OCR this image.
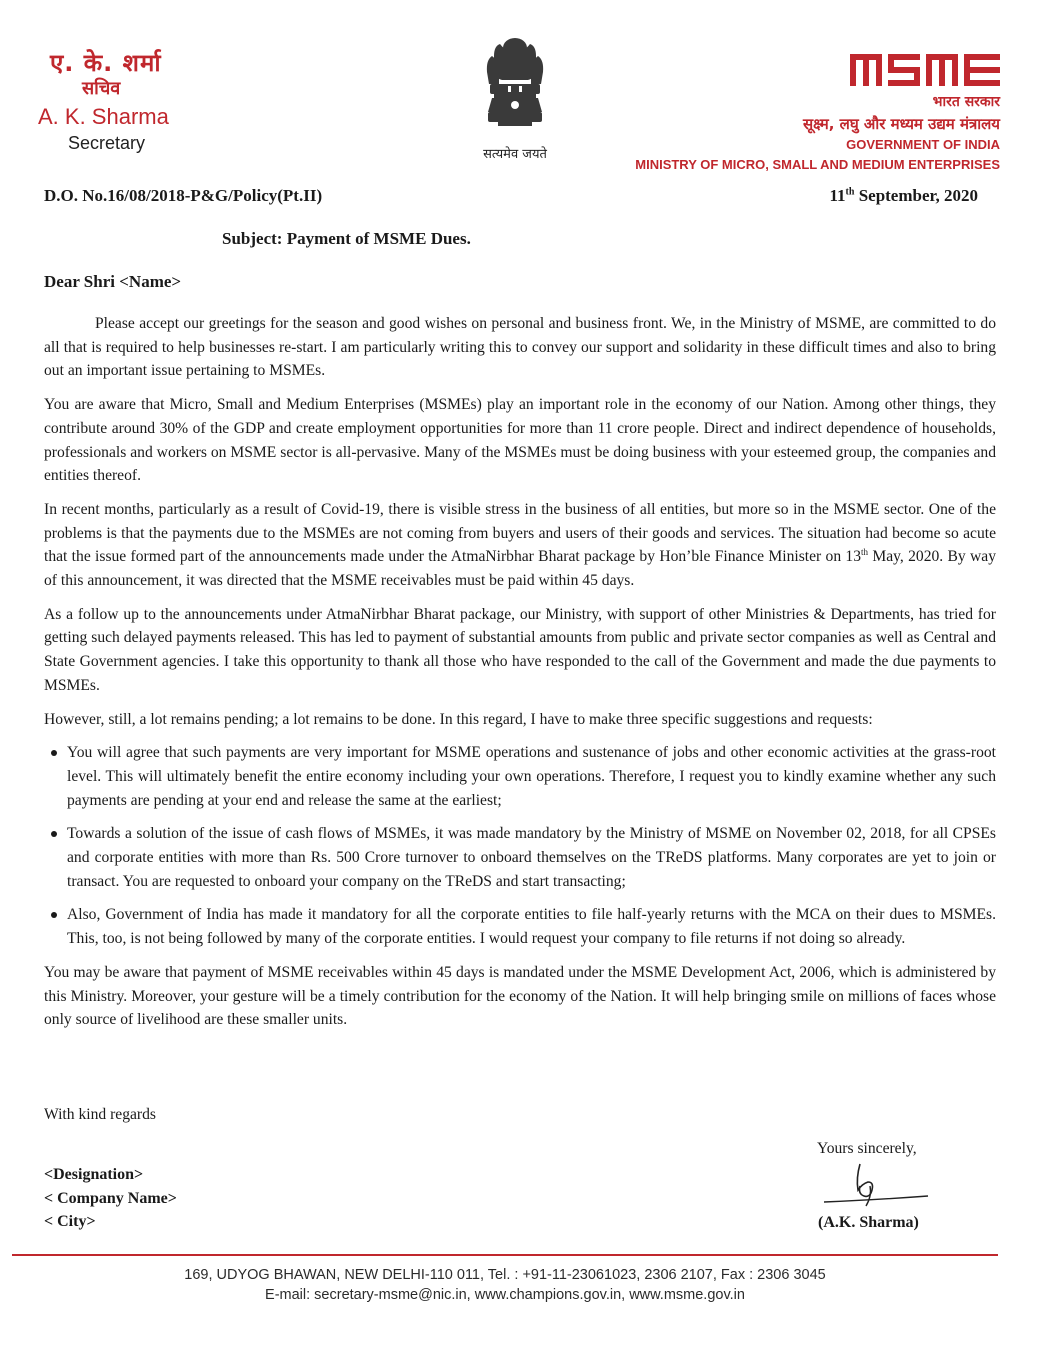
ए. के. शर्मा
सचिव
A. K. Sharma
Secretary
सत्यमेव जयते
भारत सरकार
सूक्ष्म, लघु और मध्यम उद्यम मंत्रालय
GOVERNMENT OF INDIA
MINISTRY OF MICRO, SMALL AND MEDIUM ENTERPRISES
D.O. No.16/08/2018-P&G/Policy(Pt.II)	11th September, 2020
Subject: Payment of MSME Dues.
Dear Shri <Name>

Please accept our greetings for the season and good wishes on personal and business front. We, in the Ministry of MSME, are committed to do all that is required to help businesses re-start. I am particularly writing this to convey our support and solidarity in these difficult times and also to bring out an important issue pertaining to MSMEs.

You are aware that Micro, Small and Medium Enterprises (MSMEs) play an important role in the economy of our Nation. Among other things, they contribute around 30% of the GDP and create employment opportunities for more than 11 crore people. Direct and indirect dependence of households, professionals and workers on MSME sector is all-pervasive. Many of the MSMEs must be doing business with your esteemed group, the companies and entities thereof.

In recent months, particularly as a result of Covid-19, there is visible stress in the business of all entities, but more so in the MSME sector. One of the problems is that the payments due to the MSMEs are not coming from buyers and users of their goods and services. The situation had become so acute that the issue formed part of the announcements made under the AtmaNirbhar Bharat package by Hon’ble Finance Minister on 13th May, 2020. By way of this announcement, it was directed that the MSME receivables must be paid within 45 days.

As a follow up to the announcements under AtmaNirbhar Bharat package, our Ministry, with support of other Ministries & Departments, has tried for getting such delayed payments released. This has led to payment of substantial amounts from public and private sector companies as well as Central and State Government agencies. I take this opportunity to thank all those who have responded to the call of the Government and made the due payments to MSMEs.

However, still, a lot remains pending; a lot remains to be done. In this regard, I have to make three specific suggestions and requests:

You will agree that such payments are very important for MSME operations and sustenance of jobs and other economic activities at the grass-root level. This will ultimately benefit the entire economy including your own operations. Therefore, I request you to kindly examine whether any such payments are pending at your end and release the same at the earliest;
Towards a solution of the issue of cash flows of MSMEs, it was made mandatory by the Ministry of MSME on November 02, 2018, for all CPSEs and corporate entities with more than Rs. 500 Crore turnover to onboard themselves on the TReDS platforms. Many corporates are yet to join or transact. You are requested to onboard your company on the TReDS and start transacting;
Also, Government of India has made it mandatory for all the corporate entities to file half-yearly returns with the MCA on their dues to MSMEs. This, too, is not being followed by many of the corporate entities. I would request your company to file returns if not doing so already.

You may be aware that payment of MSME receivables within 45 days is mandated under the MSME Development Act, 2006, which is administered by this Ministry. Moreover, your gesture will be a timely contribution for the economy of the Nation. It will help bringing smile on millions of faces whose only source of livelihood are these smaller units.

With kind regards
<Designation>
< Company Name>
< City>
Yours sincerely,
(A.K. Sharma)
169, UDYOG BHAWAN, NEW DELHI-110 011, Tel. : +91-11-23061023, 2306 2107, Fax : 2306 3045
E-mail: secretary-msme@nic.in, www.champions.gov.in, www.msme.gov.in
